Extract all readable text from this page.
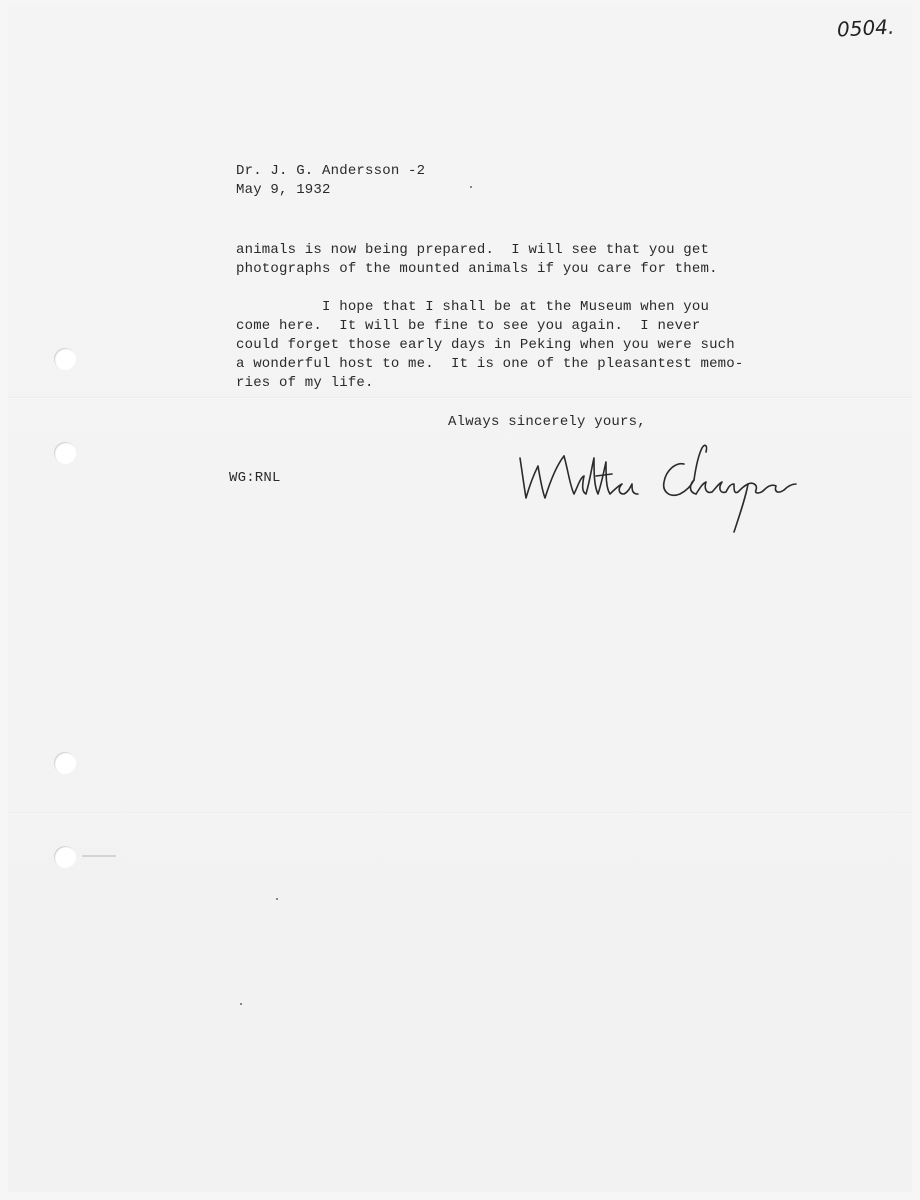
0504.
Dr. J. G. Andersson -2
May 9, 1932
animals is now being prepared.  I will see that you get
photographs of the mounted animals if you care for them.
I hope that I shall be at the Museum when you
come here.  It will be fine to see you again.  I never
could forget those early days in Peking when you were such
a wonderful host to me.  It is one of the pleasantest memo-
ries of my life.
Always sincerely yours,
WG:RNL
